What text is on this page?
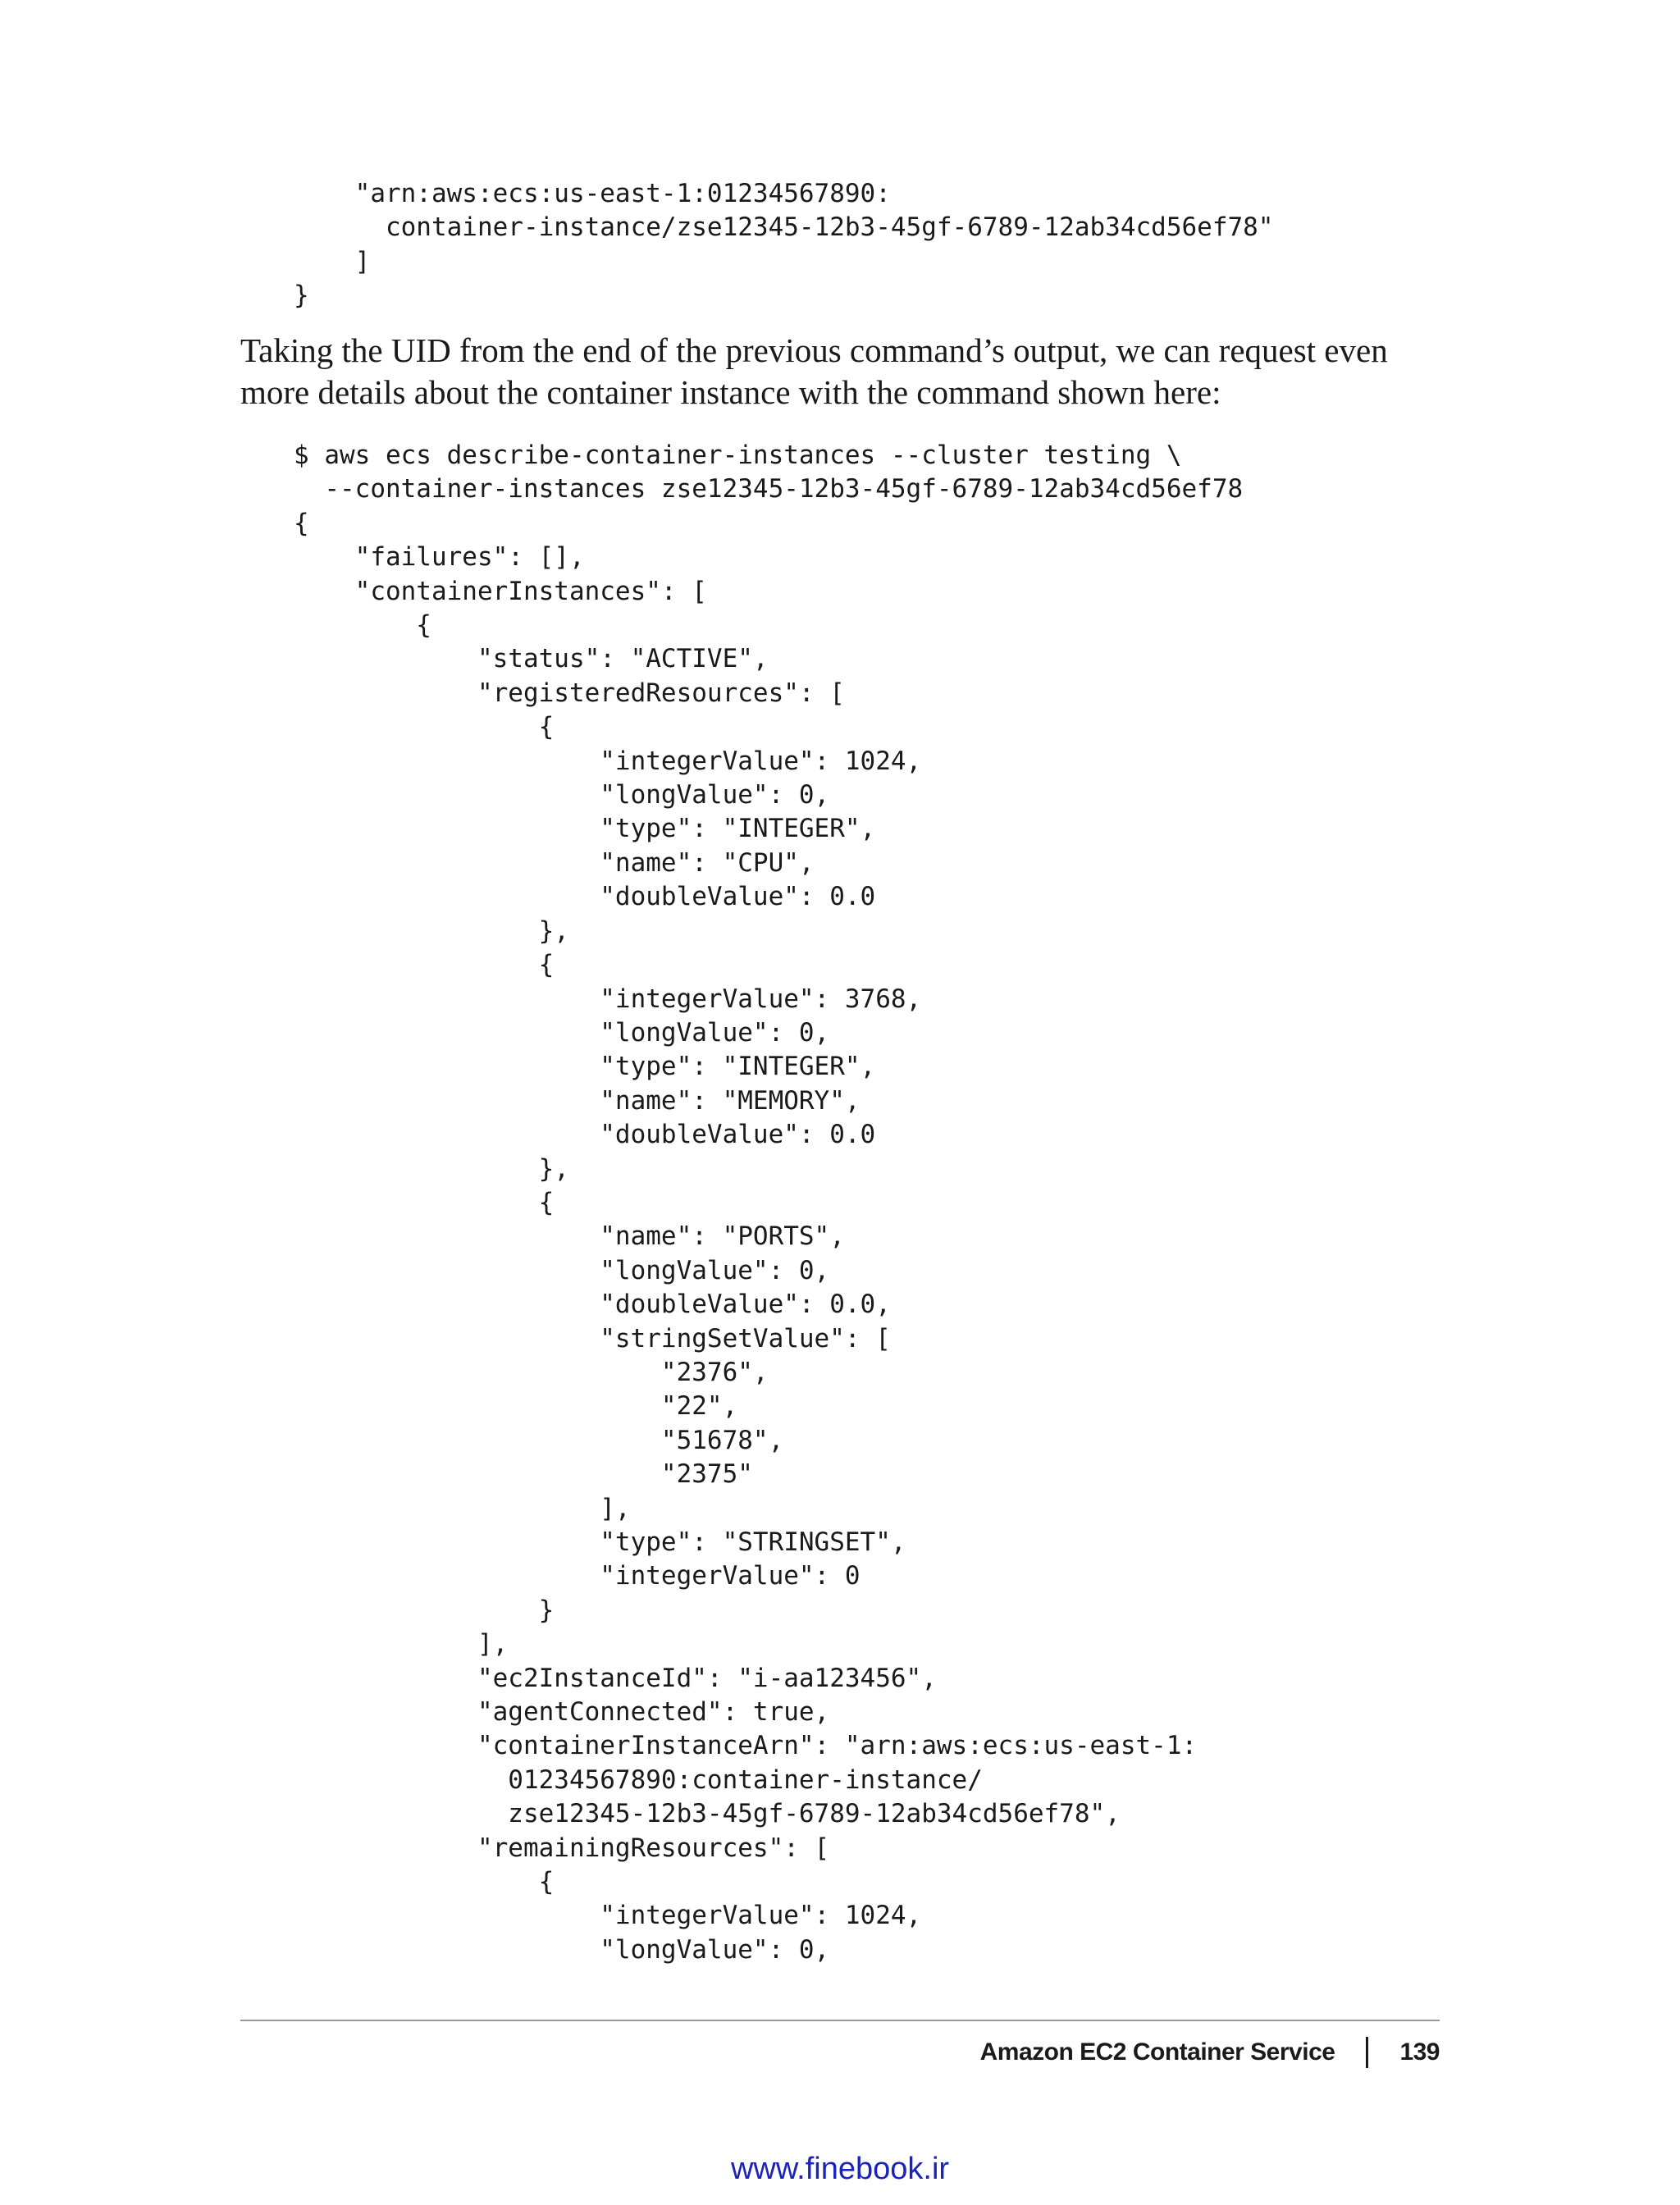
"arn:aws:ecs:us-east-1:01234567890:
container-instance/zse12345-12b3-45gf-6789-12ab34cd56ef78"
]
}

Taking the UID from the end of the previous command’s output, we can request even more details about the container instance with the command shown here:

$ aws ecs describe-container-instances --cluster testing \
--container-instances zse12345-12b3-45gf-6789-12ab34cd56ef78
{
"failures": [],
"containerInstances": [
{
"status": "ACTIVE",
"registeredResources": [
{
"integerValue": 1024,
"longValue": 0,
"type": "INTEGER",
"name": "CPU",
"doubleValue": 0.0
},
{
"integerValue": 3768,
"longValue": 0,
"type": "INTEGER",
"name": "MEMORY",
"doubleValue": 0.0
},
{
"name": "PORTS",
"longValue": 0,
"doubleValue": 0.0,
"stringSetValue": [
"2376",
"22",
"51678",
"2375"
],
"type": "STRINGSET",
"integerValue": 0
}
],
"ec2InstanceId": "i-aa123456",
"agentConnected": true,
"containerInstanceArn": "arn:aws:ecs:us-east-1:
01234567890:container-instance/
zse12345-12b3-45gf-6789-12ab34cd56ef78",
"remainingResources": [
{
"integerValue": 1024,
"longValue": 0,
Amazon EC2 Container Service	139
www.finebook.ir
